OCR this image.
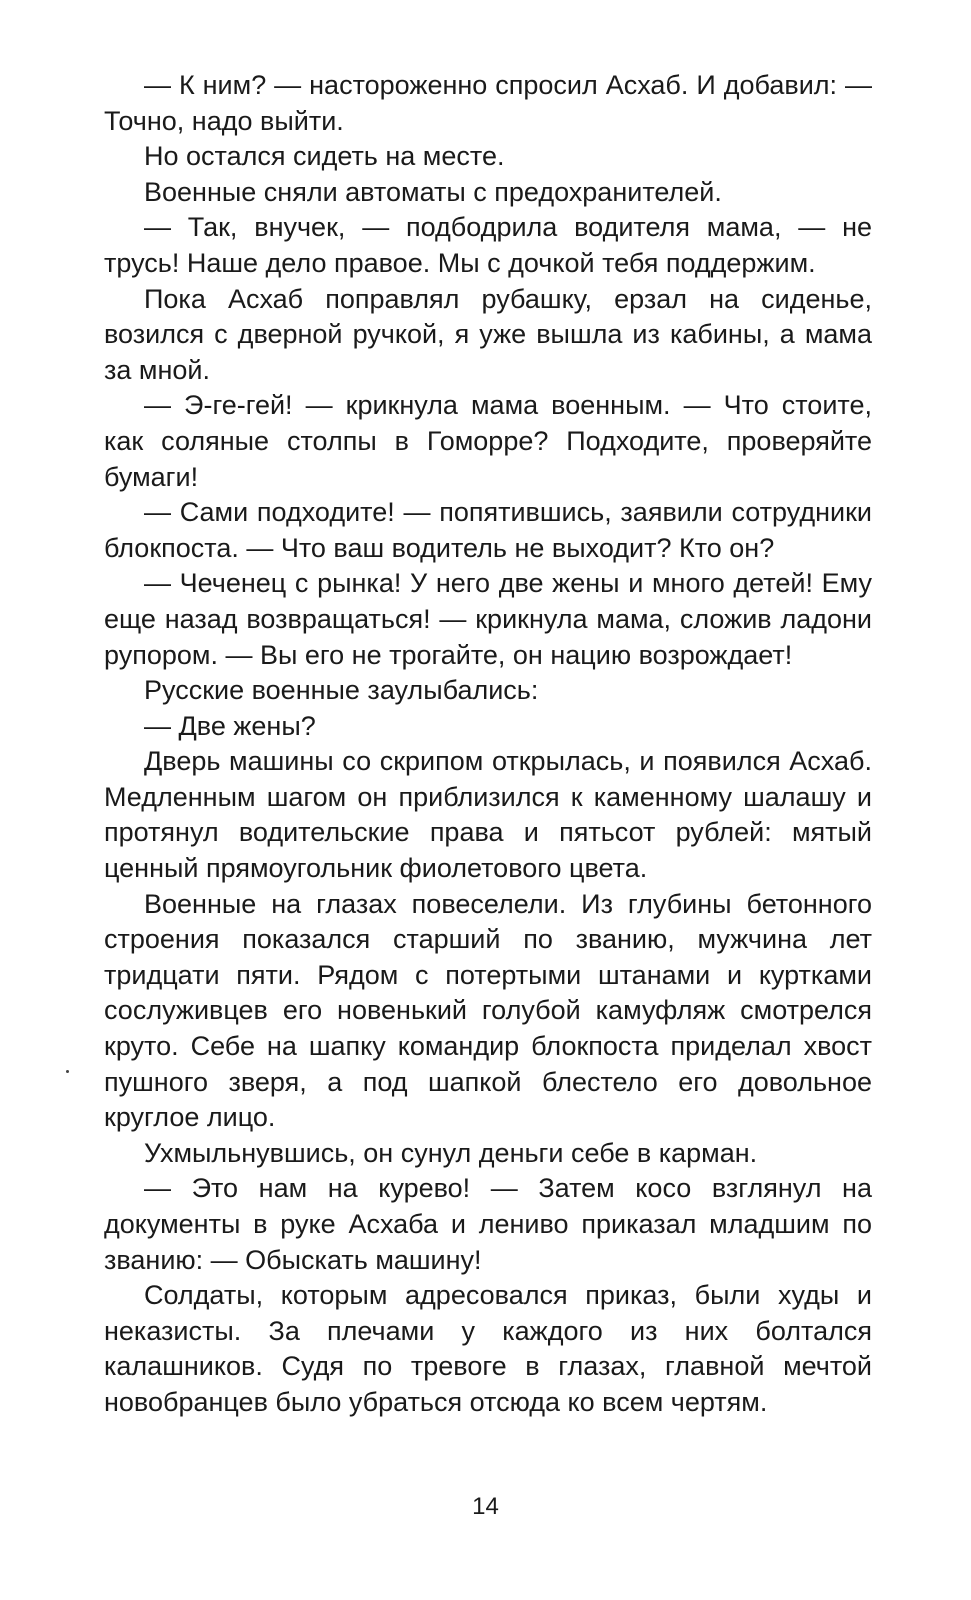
— К ним? — настороженно спросил Асхаб. И добавил: — Точно, надо выйти.

Но остался сидеть на месте.

Военные сняли автоматы с предохранителей.

— Так, внучек, — подбодрила водителя мама, — не трусь! Наше дело правое. Мы с дочкой тебя поддержим.

Пока Асхаб поправлял рубашку, ерзал на сиденье, возился с дверной ручкой, я уже вышла из кабины, а мама за мной.

— Э-ге-гей! — крикнула мама военным. — Что стоите, как соляные столпы в Гоморре? Подходите, проверяйте бумаги!

— Сами подходите! — попятившись, заявили сотрудники блокпоста. — Что ваш водитель не выходит? Кто он?

— Чеченец с рынка! У него две жены и много детей! Ему еще назад возвращаться! — крикнула мама, сложив ладони рупором. — Вы его не трогайте, он нацию возрождает!

Русские военные заулыбались:

— Две жены?

Дверь машины со скрипом открылась, и появился Асхаб. Медленным шагом он приблизился к каменному шалашу и протянул водительские права и пятьсот рублей: мятый ценный прямоугольник фиолетового цвета.

Военные на глазах повеселели. Из глубины бетонного строения показался старший по званию, мужчина лет тридцати пяти. Рядом с потертыми штанами и куртками сослуживцев его новенький голубой камуфляж смотрелся круто. Себе на шапку командир блокпоста приделал хвост пушного зверя, а под шапкой блестело его довольное круглое лицо.

Ухмыльнувшись, он сунул деньги себе в карман.

— Это нам на курево! — Затем косо взглянул на документы в руке Асхаба и лениво приказал младшим по званию: — Обыскать машину!

Солдаты, которым адресовался приказ, были худы и неказисты. За плечами у каждого из них болтался калашников. Судя по тревоге в глазах, главной мечтой новобранцев было убраться отсюда ко всем чертям.

14
